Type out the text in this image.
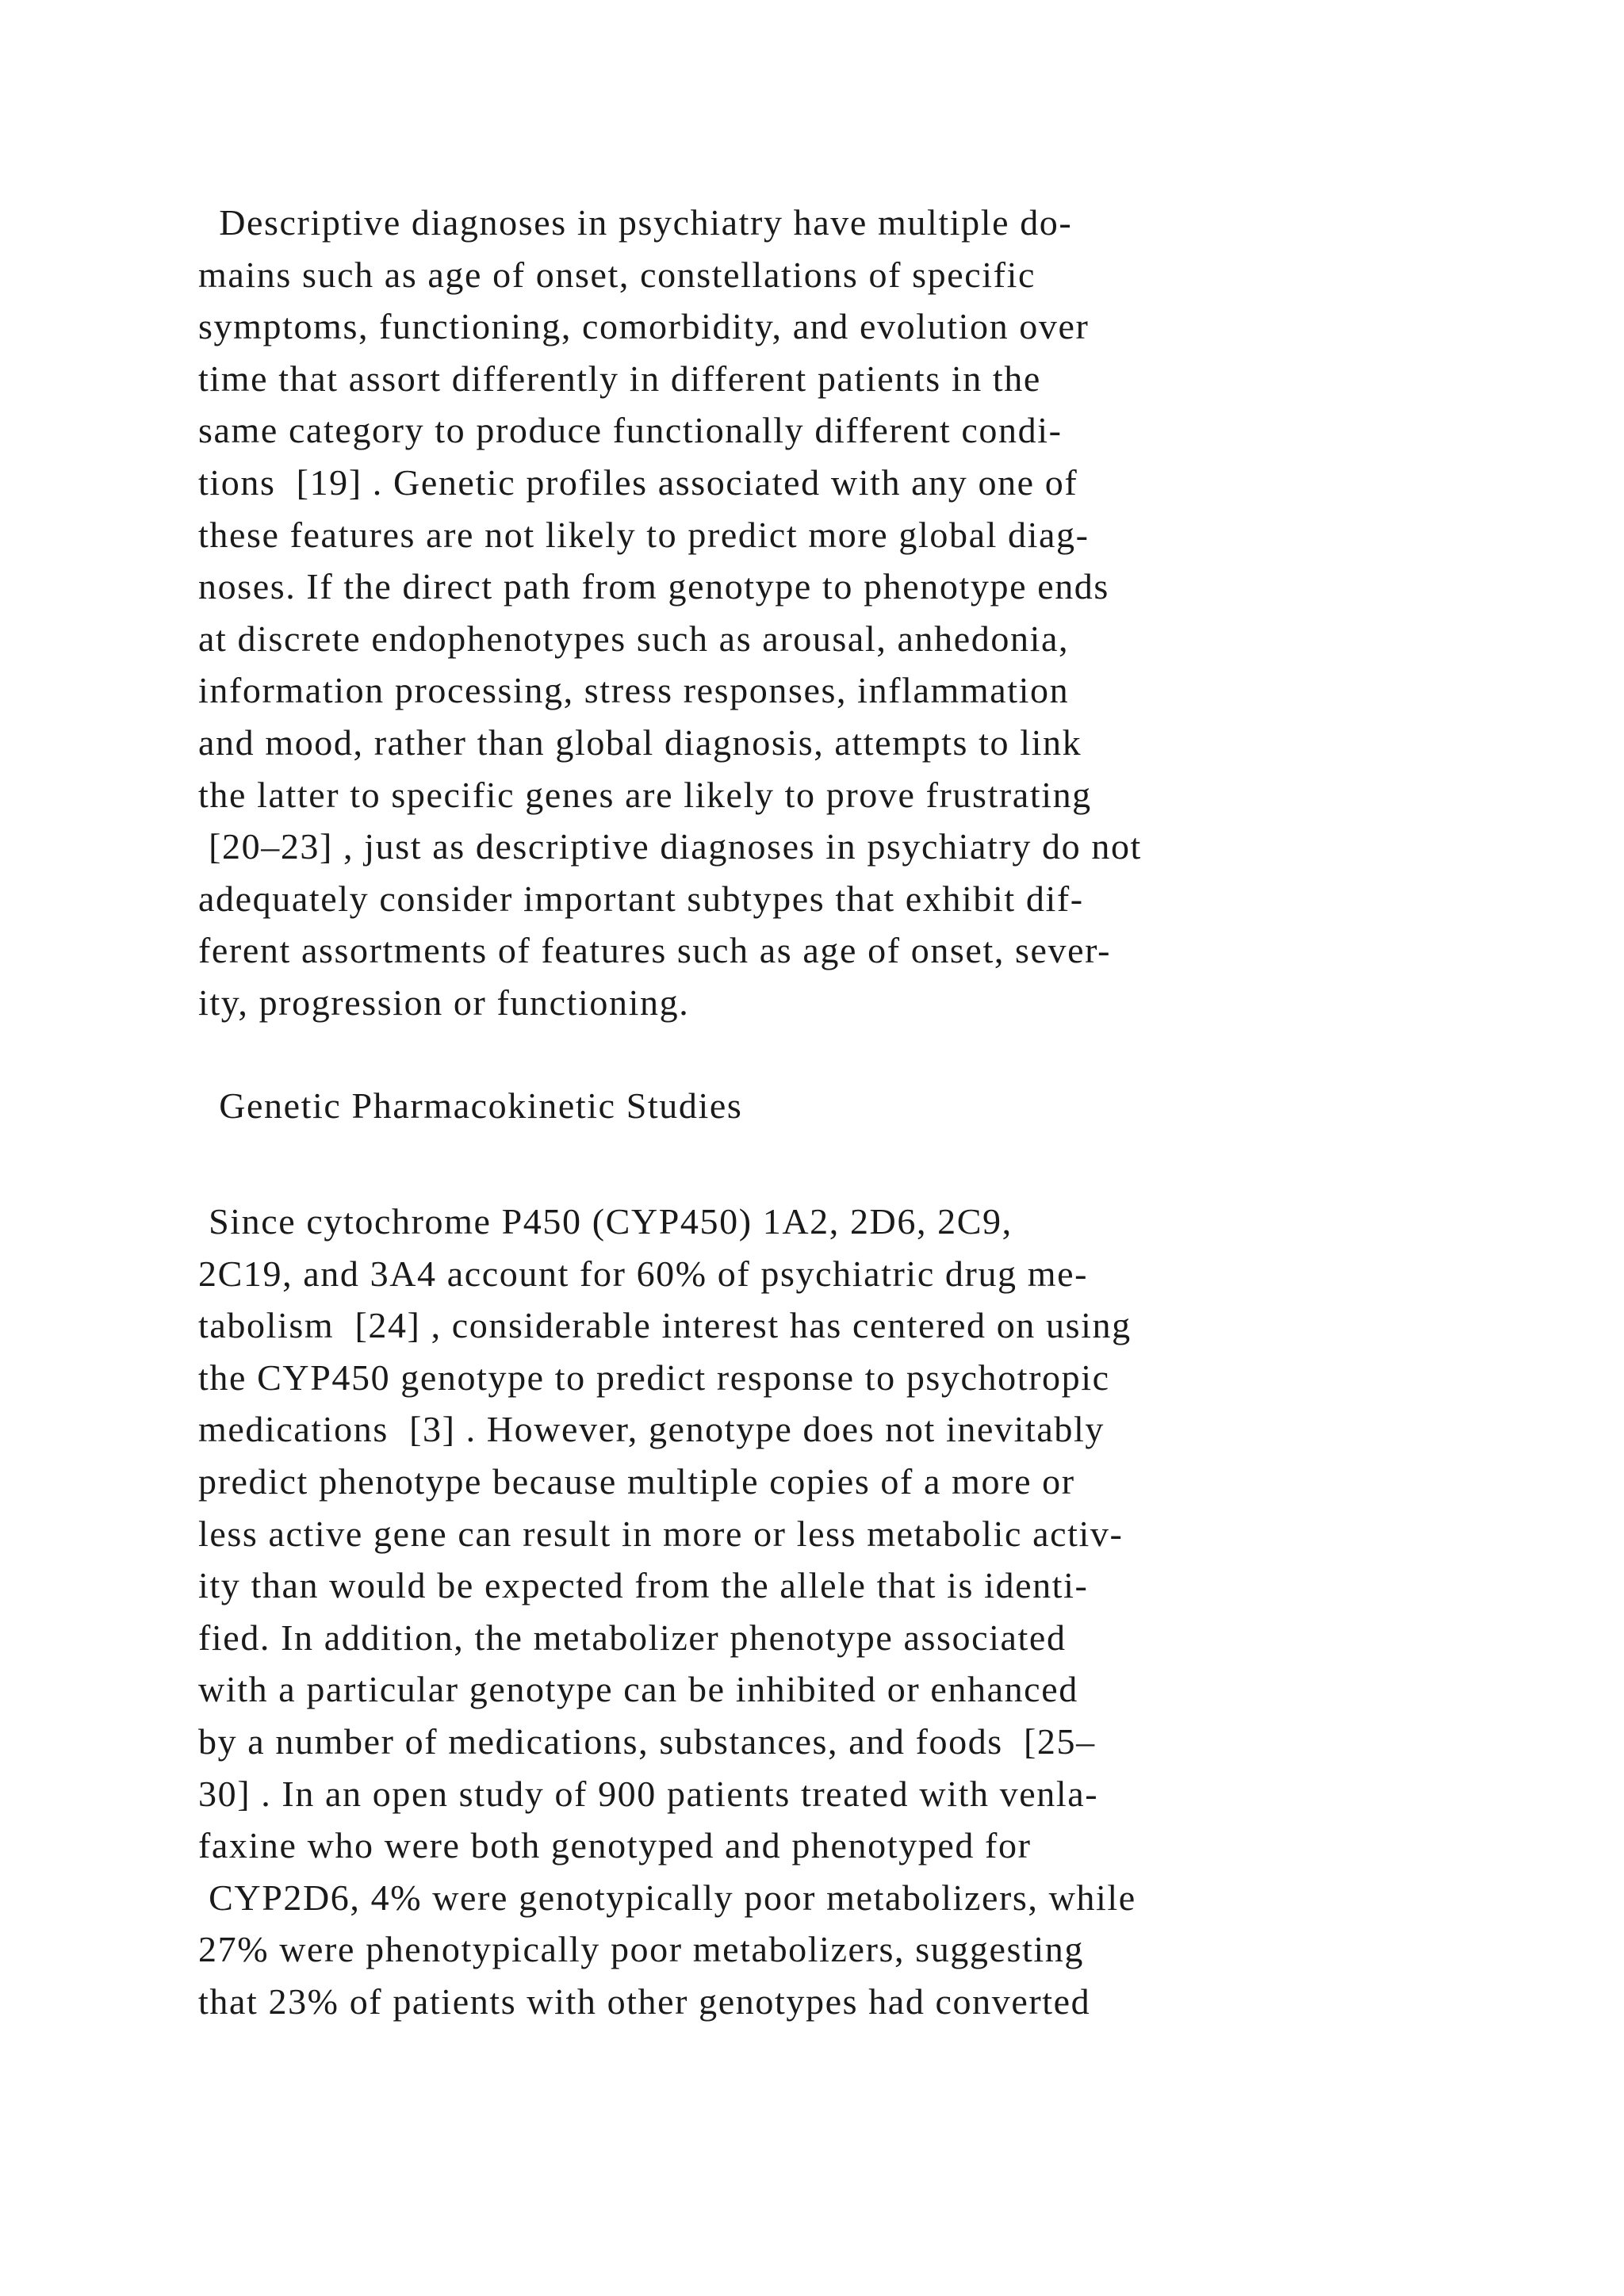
Descriptive diagnoses in psychiatry have multiple do-
mains such as age of onset, constellations of specific
symptoms, functioning, comorbidity, and evolution over
time that assort differently in different patients in the
same category to produce functionally different condi-
tions  [19] . Genetic profiles associated with any one of
these features are not likely to predict more global diag-
noses. If the direct path from genotype to phenotype ends
at discrete endophenotypes such as arousal, anhedonia,
information processing, stress responses, inflammation
and mood, rather than global diagnosis, attempts to link
the latter to specific genes are likely to prove frustrating
[20–23] , just as descriptive diagnoses in psychiatry do not
adequately consider important subtypes that exhibit dif-
ferent assortments of features such as age of onset, sever-
ity, progression or functioning.
Genetic Pharmacokinetic Studies
Since cytochrome P450 (CYP450) 1A2, 2D6, 2C9,
2C19, and 3A4 account for 60% of psychiatric drug me-
tabolism  [24] , considerable interest has centered on using
the CYP450 genotype to predict response to psychotropic
medications  [3] . However, genotype does not inevitably
predict phenotype because multiple copies of a more or
less active gene can result in more or less metabolic activ-
ity than would be expected from the allele that is identi-
fied. In addition, the metabolizer phenotype associated
with a particular genotype can be inhibited or enhanced
by a number of medications, substances, and foods  [25–
30] . In an open study of 900 patients treated with venla-
faxine who were both genotyped and phenotyped for
CYP2D6, 4% were genotypically poor metabolizers, while
27% were phenotypically poor metabolizers, suggesting
that 23% of patients with other genotypes had converted
